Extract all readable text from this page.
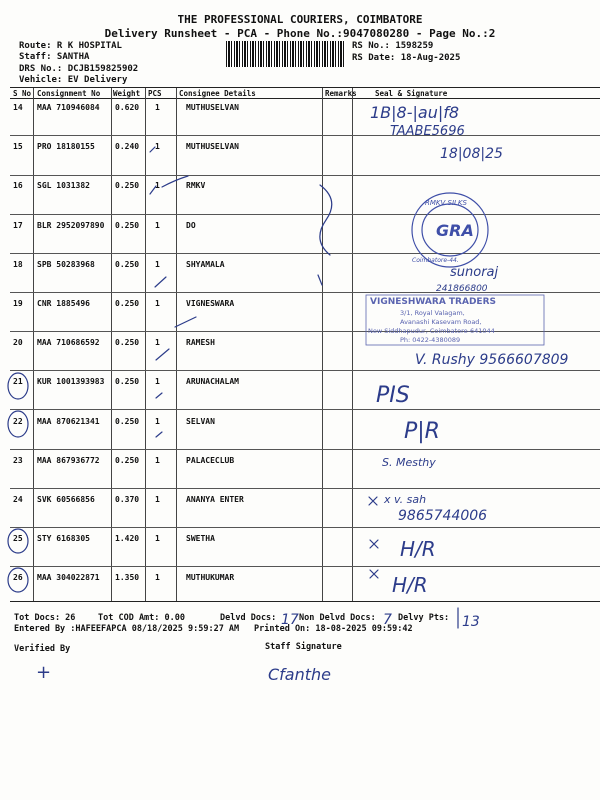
THE PROFESSIONAL COURIERS, COIMBATORE
Delivery Runsheet - PCA - Phone No.:9047080280 - Page No.:2
Route: R K HOSPITAL
Staff: SANTHA
DRS No.: DCJB159825902
Vehicle: EV Delivery
RS No.: 1598259
RS Date: 18-Aug-2025
S No Consignment No Weight PCS Consignee Details	Remarks Seal & Signature
14 MAA 710946084 0.620 1	MUTHUSELVAN
15 PRO 18180155	0.240 1	MUTHUSELVAN
16 SGL 1031382	0.250 1	RMKV
17 BLR 2952097890 0.250 1	DO
18 SPB 50283968	0.250 1	SHYAMALA
19 CNR 1885496	0.250 1	VIGNESWARA
20 MAA 710686592 0.250 1	RAMESH
21 KUR 1001393983 0.250 1	ARUNACHALAM
22 MAA 870621341 0.250 1	SELVAN
23 MAA 867936772 0.250 1	PALACECLUB
24 SVK 60566856	0.370 1	ANANYA ENTER
25 STY 6168305	1.420 1	SWETHA
26 MAA 304022871 1.350 1	MUTHUKUMAR
Tot Docs: 26	Tot COD Amt: 0.00	Delvd Docs:	Non Delvd Docs:	Delvy Pts:
Entered By :HAFEEFAPCA 08/18/2025 9:59:27 AM Printed On: 18-08-2025 09:59:42
Verified By	Staff Signature
1B|8-|au|f8
TAABE5696
18|08|25
GRA
RMKV SILKS
Coimbatore-44.
sunoraj
241866800
VIGNESHWARA TRADERS
3/1, Royal Valagam,
Avanashi Kasevam Road,
New Siddhapudur, Coimbatore-641044
Ph: 0422-4380089
V. Rushy 9566607809
PIS
P|R
S. Mesthy
x v. sah
9865744006
H/R
H/R
17	7	13
Cfanthe
+
